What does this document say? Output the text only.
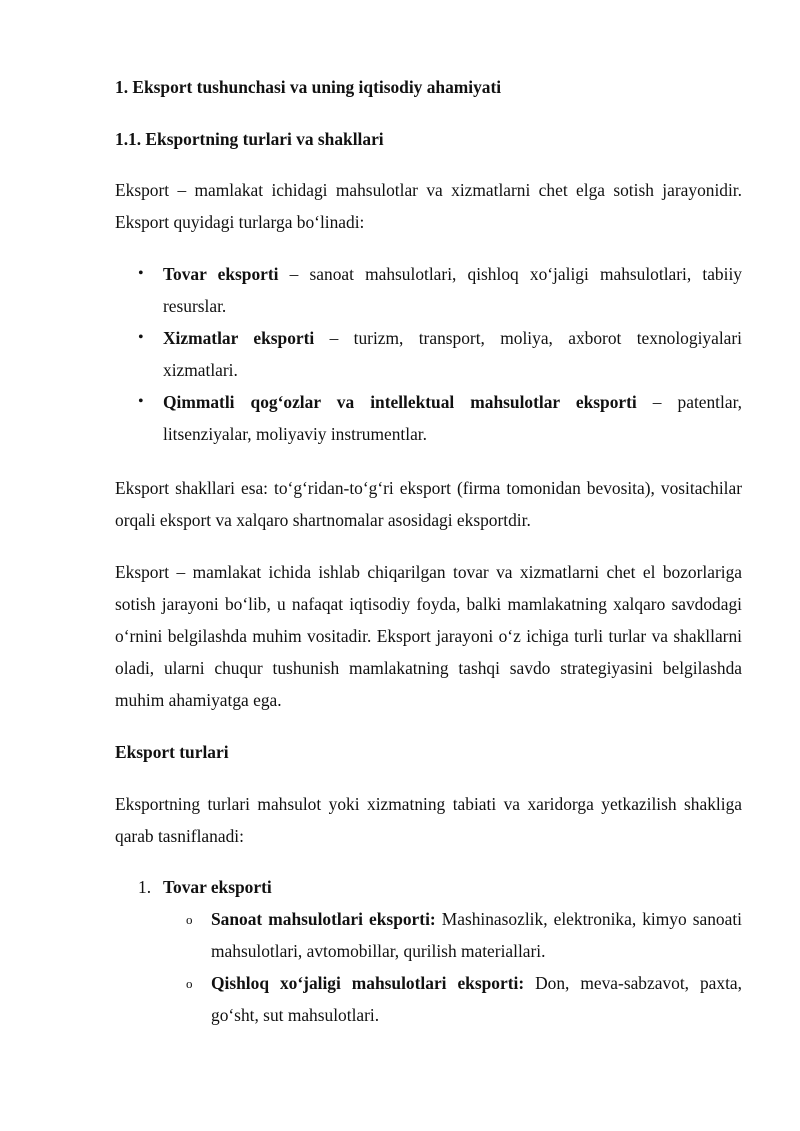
1. Eksport tushunchasi va uning iqtisodiy ahamiyati
1.1. Eksportning turlari va shakllari

Eksport – mamlakat ichidagi mahsulotlar va xizmatlarni chet elga sotish jarayonidir. Eksport quyidagi turlarga bo‘linadi:

• Tovar eksporti – sanoat mahsulotlari, qishloq xo‘jaligi mahsulotlari, tabiiy resurslar.
• Xizmatlar eksporti – turizm, transport, moliya, axborot texnologiyalari xizmatlari.
• Qimmatli qog‘ozlar va intellektual mahsulotlar eksporti – patentlar, litsenziyalar, moliyaviy instrumentlar.

Eksport shakllari esa: to‘g‘ridan-to‘g‘ri eksport (firma tomonidan bevosita), vositachilar orqali eksport va xalqaro shartnomalar asosidagi eksportdir.

Eksport – mamlakat ichida ishlab chiqarilgan tovar va xizmatlarni chet el bozorlariga sotish jarayoni bo‘lib, u nafaqat iqtisodiy foyda, balki mamlakatning xalqaro savdodagi o‘rnini belgilashda muhim vositadir. Eksport jarayoni o‘z ichiga turli turlar va shakllarni oladi, ularni chuqur tushunish mamlakatning tashqi savdo strategiyasini belgilashda muhim ahamiyatga ega.

Eksport turlari

Eksportning turlari mahsulot yoki xizmatning tabiati va xaridorga yetkazilish shakliga qarab tasniflanadi:

1. Tovar eksporti
o Sanoat mahsulotlari eksporti: Mashinasozlik, elektronika, kimyo sanoati mahsulotlari, avtomobillar, qurilish materiallari.
o Qishloq xo‘jaligi mahsulotlari eksporti: Don, meva-sabzavot, paxta, go‘sht, sut mahsulotlari.
